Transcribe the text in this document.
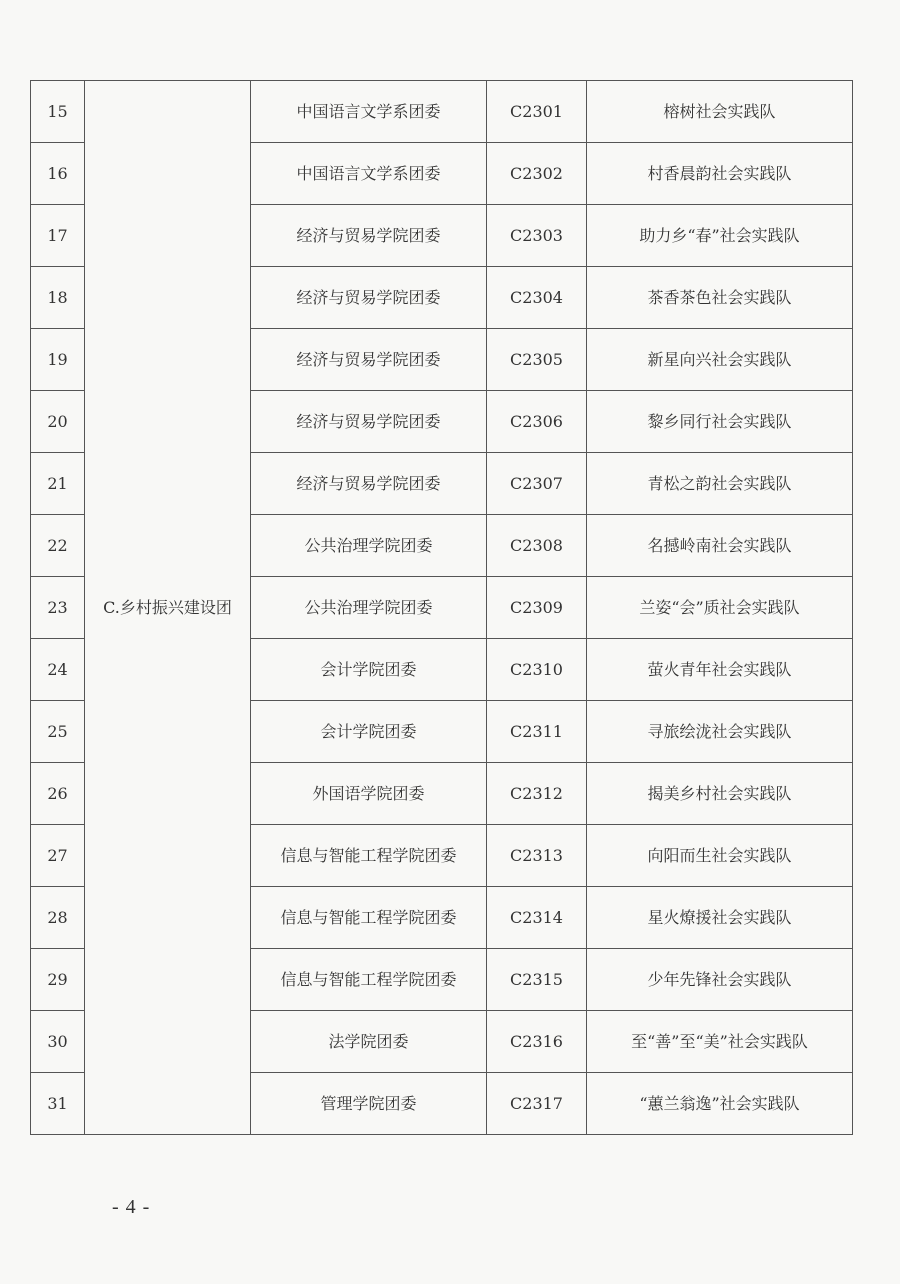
15	C.乡村振兴建设团	中国语言文学系团委	C2301	榕树社会实践队
16		中国语言文学系团委	C2302	村香晨韵社会实践队
17		经济与贸易学院团委	C2303	助力乡“春”社会实践队
18		经济与贸易学院团委	C2304	茶香茶色社会实践队
19		经济与贸易学院团委	C2305	新星向兴社会实践队
20		经济与贸易学院团委	C2306	黎乡同行社会实践队
21		经济与贸易学院团委	C2307	青松之韵社会实践队
22		公共治理学院团委	C2308	名撼岭南社会实践队
23		公共治理学院团委	C2309	兰姿“会”质社会实践队
24		会计学院团委	C2310	萤火青年社会实践队
25		会计学院团委	C2311	寻旅绘泷社会实践队
26		外国语学院团委	C2312	揭美乡村社会实践队
27		信息与智能工程学院团委	C2313	向阳而生社会实践队
28		信息与智能工程学院团委	C2314	星火燎援社会实践队
29		信息与智能工程学院团委	C2315	少年先锋社会实践队
30		法学院团委	C2316	至“善”至“美”社会实践队
31		管理学院团委	C2317	“蕙兰翁逸”社会实践队
- 4 -
